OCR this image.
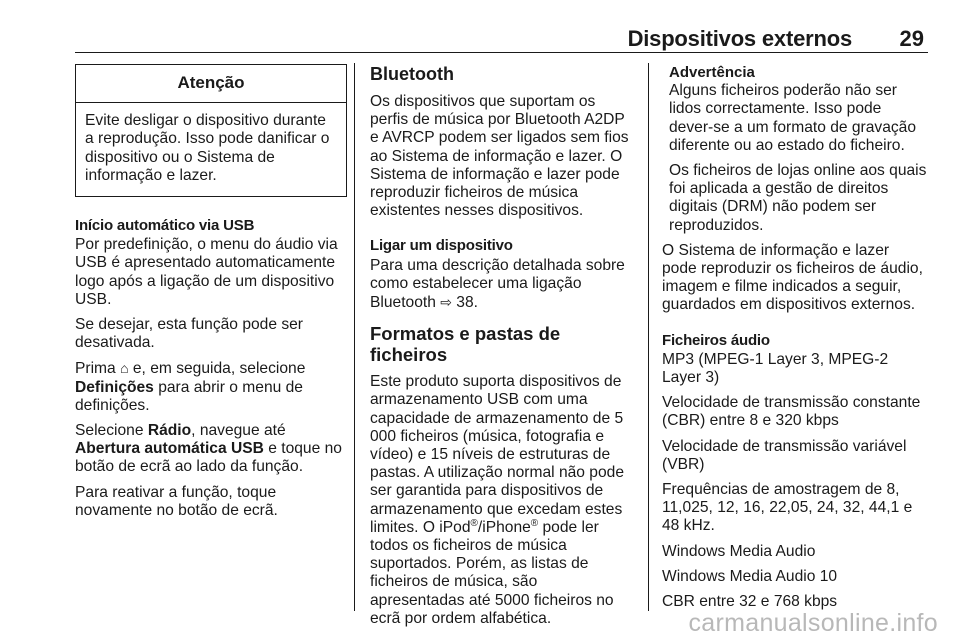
Dispositivos externos 29
Atenção
Evite desligar o dispositivo durante a reprodução. Isso pode danificar o dispositivo ou o Sistema de informação e lazer.
Início automático via USB

Por predefinição, o menu do áudio via USB é apresentado automaticamente logo após a ligação de um dispositivo USB.

Se desejar, esta função pode ser desativada.

Prima ⌂ e, em seguida, selecione Definições para abrir o menu de definições.

Selecione Rádio, navegue até Abertura automática USB e toque no botão de ecrã ao lado da função.

Para reativar a função, toque novamente no botão de ecrã.

Bluetooth

Os dispositivos que suportam os perfis de música por Bluetooth A2DP e AVRCP podem ser ligados sem fios ao Sistema de informação e lazer. O Sistema de informação e lazer pode reproduzir ficheiros de música existentes nesses dispositivos.

Ligar um dispositivo

Para uma descrição detalhada sobre como estabelecer uma ligação Bluetooth ⇨ 38.

Formatos e pastas de ficheiros

Este produto suporta dispositivos de armazenamento USB com uma capacidade de armazenamento de 5 000 ficheiros (música, fotografia e vídeo) e 15 níveis de estruturas de pastas. A utilização normal não pode ser garantida para dispositivos de armazenamento que excedam estes limites. O iPod®/iPhone® pode ler todos os ficheiros de música suportados. Porém, as listas de ficheiros de música, são apresentadas até 5000 ficheiros no ecrã por ordem alfabética.

Advertência

Alguns ficheiros poderão não ser lidos correctamente. Isso pode dever-se a um formato de gravação diferente ou ao estado do ficheiro.

Os ficheiros de lojas online aos quais foi aplicada a gestão de direitos digitais (DRM) não podem ser reproduzidos.

O Sistema de informação e lazer pode reproduzir os ficheiros de áudio, imagem e filme indicados a seguir, guardados em dispositivos externos.

Ficheiros áudio

MP3 (MPEG-1 Layer 3, MPEG-2 Layer 3)

Velocidade de transmissão constante (CBR) entre 8 e 320 kbps

Velocidade de transmissão variável (VBR)

Frequências de amostragem de 8, 11,025, 12, 16, 22,05, 24, 32, 44,1 e 48 kHz.

Windows Media Audio

Windows Media Audio 10

CBR entre 32 e 768 kbps

carmanualsonline.info
